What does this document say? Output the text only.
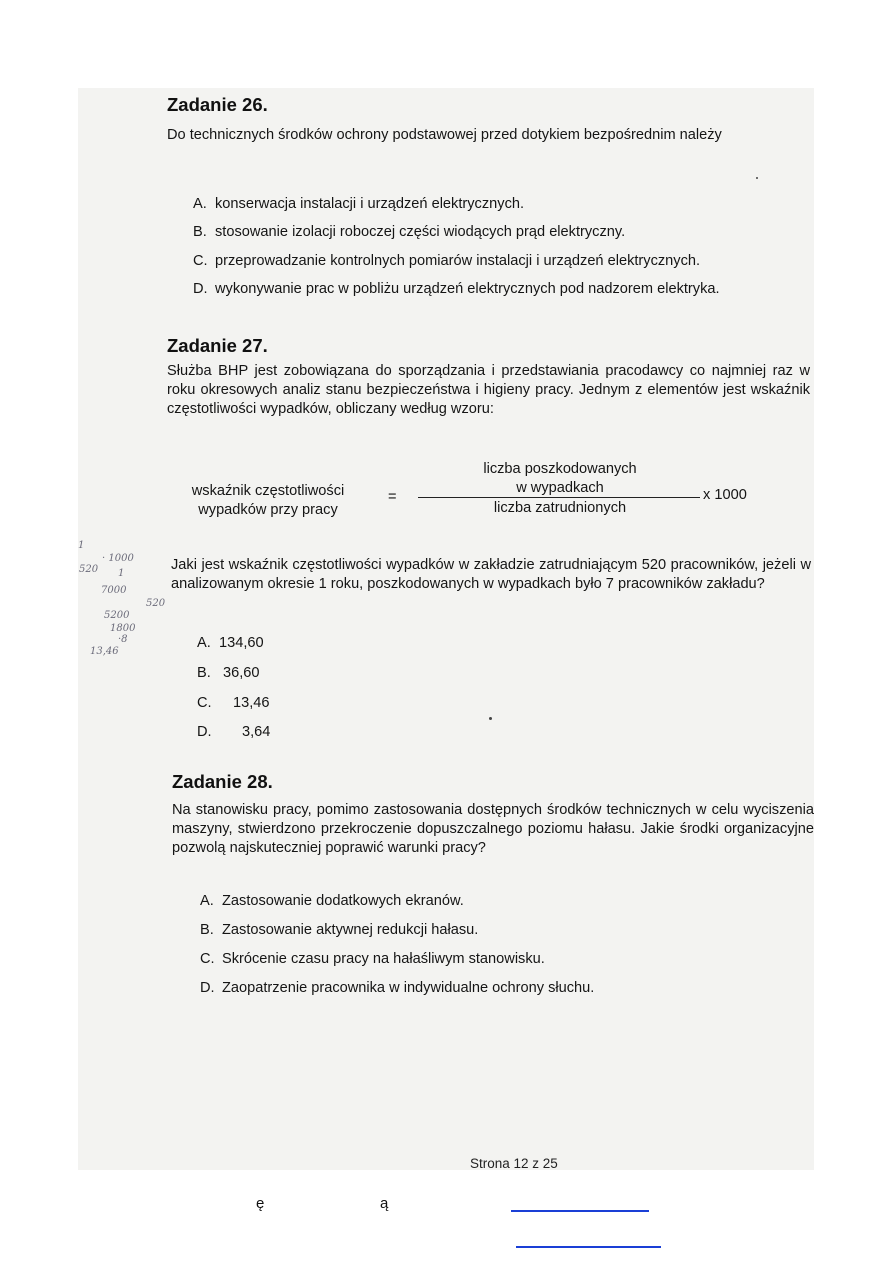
Zadanie 26.
Do technicznych środków ochrony podstawowej przed dotykiem bezpośrednim należy
A. konserwacja instalacji i urządzeń elektrycznych.
B. stosowanie izolacji roboczej części wiodących prąd elektryczny.
C. przeprowadzanie kontrolnych pomiarów instalacji i urządzeń elektrycznych.
D. wykonywanie prac w pobliżu urządzeń elektrycznych pod nadzorem elektryka.
Zadanie 27.
Służba BHP jest zobowiązana do sporządzania i przedstawiania pracodawcy co najmniej raz w roku okresowych analiz stanu bezpieczeństwa i higieny pracy. Jednym z elementów jest wskaźnik częstotliwości wypadków, obliczany według wzoru:
wskaźnik częstotliwości
wypadków przy pracy
=
liczba poszkodowanych
w wypadkach
liczba zatrudnionych
x 1000
Jaki jest wskaźnik częstotliwości wypadków w zakładzie zatrudniającym 520 pracowników, jeżeli w analizowanym okresie 1 roku, poszkodowanych w wypadkach było 7 pracowników zakładu?
A. 134,60
B. 36,60
C. 13,46
D. 3,64
1
520
· 1000
1
7000
520
5200
1800
·8
13,46
Zadanie 28.
Na stanowisku pracy, pomimo zastosowania dostępnych środków technicznych w celu wyciszenia maszyny, stwierdzono przekroczenie dopuszczalnego poziomu hałasu. Jakie środki organizacyjne pozwolą najskuteczniej poprawić warunki pracy?
A. Zastosowanie dodatkowych ekranów.
B. Zastosowanie aktywnej redukcji hałasu.
C. Skrócenie czasu pracy na hałaśliwym stanowisku.
D. Zaopatrzenie pracownika w indywidualne ochrony słuchu.
Strona 12 z 25
ę	ą
